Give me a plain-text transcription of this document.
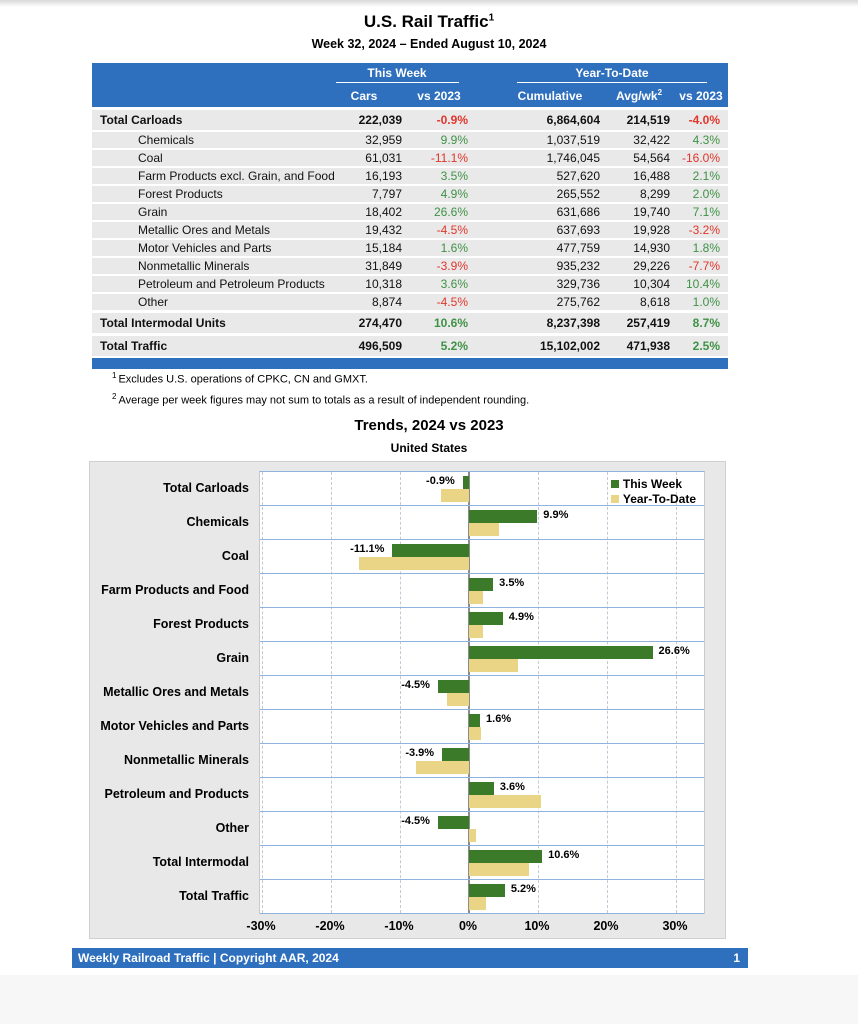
U.S. Rail Traffic$^1$
Week 32, 2024 – Ended August 10, 2024
This Week	Year-To-Date
Cars	vs 2023	Cumulative	Avg/$wk^2$	vs 2023
Total Carloads	222,039	-0.9%	6,864,604	214,519	-4.0%
Chemicals	32,959	9.9%	1,037,519	32,422	4.3%
Coal	61,031	-11.1%	1,746,045	54,564 -16.0%
Farm Products excl. Grain, and Food	16,193	3.5%	527,620	16,488	2.1%
Forest Products	7,797	4.9%	265,552	8,299	2.0%
Grain	18,402	26.6%	631,686	19,740	7.1%
Metallic Ores and Metals	19,432	-4.5%	637,693	19,928	-3.2%
Motor Vehicles and Parts	15,184	1.6%	477,759	14,930	1.8%
Nonmetallic Minerals	31,849	-3.9%	935,232	29,226	-7.7%
Petroleum and Petroleum Products	10,318	3.6%	329,736	10,304	10.4%
Other	8,874	-4.5%	275,762	8,618	1.0%
Total Intermodal Units	274,470	10.6%	8,237,398	257,419	8.7%
Total Traffic	496,509	5.2%	15,102,002	471,938	2.5%
$^1$ Excludes U.S. operations of CPKC, CN and GMXT.
$^2$ Average per week figures may not sum to totals as a result of independent rounding.
Trends, 2024 vs 2023
United States
Total Carloads
Chemicals
Coal
Farm Products and Food
Forest Products
Grain
Metallic Ores and Metals
Motor Vehicles and Parts
Nonmetallic Minerals
Petroleum and Products
Other
Total Intermodal
Total Traffic
-0.9%
9.9%
-11.1%
3.5%
4.9%
26.6%
-4.5%
1.6%
-3.9%
3.6%
-4.5%
10.6%
5.2%
This Week
Year-To-Date
-30%	-20%	-10%	0%	10%	20%	30%
Weekly Railroad Traffic | Copyright AAR, 2024	1
